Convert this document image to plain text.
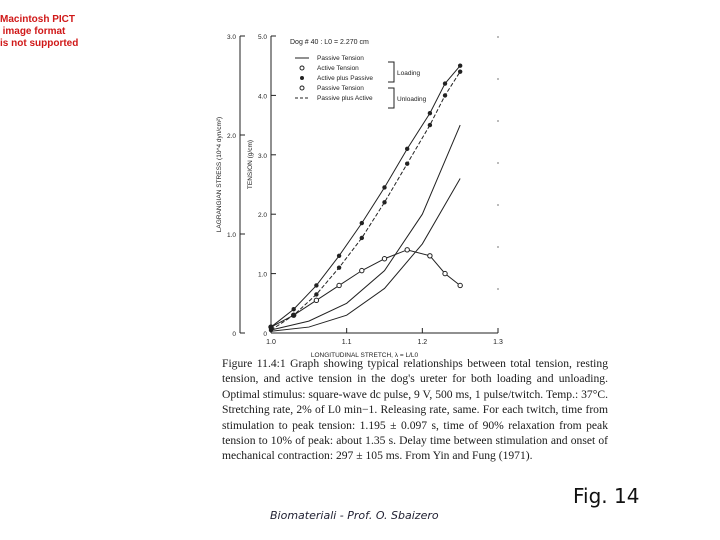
Macintosh PICT
image format
is not supported
1.0	1.1	1.2	1.3
0
1.0
2.0
3.0
4.0
5.0
0
1.0
2.0
3.0
LONGITUDINAL STRETCH, λ = L/L0
LAGRANGIAN STRESS (10^4 dyn/cm²)	TENSION (g/cm)
Dog # 40 : L0 = 2.270 cm
Passive Tension
Active Tension
Active plus Passive
Passive Tension
Passive plus Active
Loading
Unloading
Figure 11.4:1 Graph showing typical relationships between total tension, resting tension, and active tension in the dog's ureter for both loading and unloading. Optimal stimulus: square-wave dc pulse, 9 V, 500 ms, 1 pulse/twitch. Temp.: 37°C. Stretching rate, 2% of L0 min−1. Releasing rate, same. For each twitch, time from stimulation to peak tension: 1.195 ± 0.097 s, time of 90% relaxation from peak tension to 10% of peak: about 1.35 s. Delay time between stimulation and onset of mechanical contraction: 297 ± 105 ms. From Yin and Fung (1971).
Biomateriali - Prof. O. Sbaizero
Fig. 14
